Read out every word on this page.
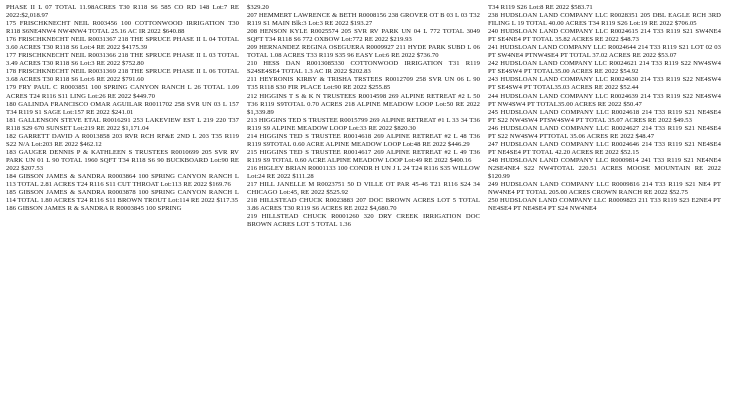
PHASE II L 07 TOTAL 11.98ACRES T30 R118 S6 585 CO RD 148 Lot:7 RE 2022:$2,018.97

175 FRISCHKNECHT NEIL R003456 100 COTTONWOOD IRRIGATION T30 R118 S6NE4NW4 NW4NW4 TOTAL 25.16 AC IR 2022 $640.88

176 FRISCHKNECHT NEIL R0031367 218 THE SPRUCE PHASE II L 04 TOTAL 3.60 ACRES T30 R118 S6 Lot:4 RE 2022 $4175.39

177 FRISCHKNECHT NEIL R0031366 218 THE SPRUCE PHASE II L 03 TOTAL 3.49 ACRES T30 R118 S6 Lot:3 RE 2022 $752.80

178 FRISCHKNECHT NEIL R0031369 218 THE SPRUCE PHASE II L 06 TOTAL 3.68 ACRES T30 R118 S6 Lot:6 RE 2022 $791.60

179 FRY PAUL C R0003851 100 SPRING CANYON RANCH L 26 TOTAL 1.09 ACRES T24 R116 S11 LING Lot:26 RE 2022 $449.70

180 GALINDA FRANCISCO OMAR AGUILAR R0011702 258 SVR UN 03 L 157 T34 R119 S1 SAGE Lot:157 RE 2022 $241.01

181 GALLENSON STEVE ETAL R0016291 253 LAKEVIEW EST L 219 220 T37 R118 S29 670 SUNSET Lot:219 RE 2022 $1,171.04

182 GARRETT DAVID A R0013858 203 RVR RCH RF&E 2ND L 203 T35 R119 S22 N/A Lot:203 RE 2022 $462.12

183 GAUGER DENNIS P & KATHLEEN S TRUSTEES R0010699 205 SVR RV PARK UN 01 L 90 TOTAL 1960 SQFT T34 R118 S6 90 BUCKBOARD Lot:90 RE 2022 $207.53

184 GIBSON JAMES & SANDRA R0003864 100 SPRING CANYON RANCH L 113 TOTAL 2.81 ACRES T24 R116 S11 CUT THROAT Lot:113 RE 2022 $169.76

185 GIBSON JAMES & SANDRA R0003878 100 SPRING CANYON RANCH L 114 TOTAL 1.80 ACRES T24 R116 S11 BROWN TROUT Lot:114 RE 2022 $117.35

186 GIBSON JAMES R & SANDRA R R0003845 100 SPRING

$329.20

207 HEMMERT LAWRENCE & BETH R0008156 238 GROVER OT B 03 L 03 T32 R119 S1 MAIN Blk:3 Lot:3 RE 2022 $193.27

208 HENSON KYLE R0025574 205 SVR RV PARK UN 04 L 772 TOTAL 3049 SQFT T34 R118 S6 772 OXBOW Lot:772 RE 2022 $219.93

209 HERNANDEZ REGINA OSEGUERA R0009927 211 HYDE PARK SUBD L 06 TOTAL 1.08 ACRES T33 R119 S35 96 EASY Lot:6 RE 2022 $736.70

210 HESS DAN R0013085330 COTTONWOOD IRRIGATION T31 R119 S24SE4SE4 TOTAL 1.3 AC IR 2022 $202.83

211 HEYRONIS KIRBY & TRISHA TRSTEES R0012709 258 SVR UN 06 L 90 T35 R118 S30 FIR PLACE Lot:90 RE 2022 $255.85

212 HIGGINS T S & K N TRUSTEES R0014598 269 ALPINE RETREAT #2 L 50 T36 R119 S9TOTAL 0.70 ACRES 218 ALPINE MEADOW LOOP Lot:50 RE 2022 $1,339.89

213 HIGGINS TED S TRUSTEE R0015799 269 ALPINE RETREAT #1 L 33 34 T36 R119 S9 ALPINE MEADOW LOOP Lot:33 RE 2022 $820.30

214 HIGGINS TED S TRUSTEE R0014618 269 ALPINE RETREAT #2 L 48 T36 R119 S9TOTAL 0.60 ACRE ALPINE MEADOW LOOP Lot:48 RE 2022 $446.29

215 HIGGINS TED S TRUSTEE R0014617 269 ALPINE RETREAT #2 L 49 T36 R119 S9 TOTAL 0.60 ACRE ALPINE MEADOW LOOP Lot:49 RE 2022 $400.16

216 HIGLEY BRIAN R0001133 100 CONDR H UN J L 24 T24 R116 S35 WILLOW Lot:24 RE 2022 $111.28

217 HILL JANELLE M R0023751 50 D VILLE OT PAR 45-46 T21 R116 S24 34 CHICAGO Lot:45, RE 2022 $525.92

218 HILLSTEAD CHUCK R0023883 207 DOC BROWN ACRES LOT 5 TOTAL 3.86 ACRES T30 R119 S6 ACRES RE 2022 $4,680.70

219 HILLSTEAD CHUCK R0001260 320 DRY CREEK IRRIGATION DOC BROWN ACRES LOT 5 TOTAL 1.36

T34 R119 S26 Lot:8 RE 2022 $583.71

238 HUDSLOAN LAND COMPANY LLC R0028351 205 DBL EAGLE RCH 3RD FILING L 19 TOTAL 40.00 ACRES T34 R119 S26 Lot:19 RE 2022 $706.05

240 HUDSLOAN LAND COMPANY LLC R0024615 214 T33 R119 S21 SW4NE4 PT SE4NE4 PT TOTAL 35.82 ACRES RE 2022 $48.73

241 HUDSLOAN LAND COMPANY LLC R0024644 214 T33 R119 S21 LOT 02 03 PT SW4NE4 PTNW4SE4 PT TOTAL 37.02 ACRES RE 2022 $53.07

242 HUDSLOAN LAND COMPANY LLC R0024621 214 T33 R119 S22 NW4SW4 PT SE4SW4 PT TOTAL35.00 ACRES RE 2022 $54.92

243 HUDSLOAN LAND COMPANY LLC R0024630 214 T33 R119 S22 NE4SW4 PT SE4SW4 PT TOTAL35.03 ACRES RE 2022 $52.44

244 HUDSLOAN LAND COMPANY LLC R0024639 214 T33 R119 S22 NE4SW4 PT NW4SW4 PT TOTAL35.00 ACRES RE 2022 $50.47

245 HUDSLOAN LAND COMPANY LLC R0024618 214 T33 R119 S21 NE4SE4 PT S22 NW4SW4 PTSW4SW4 PT TOTAL 35.07 ACRES RE 2022 $49.53

246 HUDSLOAN LAND COMPANY LLC R0024627 214 T33 R119 S21 NE4SE4 PT S22 NW4SW4 PTTOTAL 35.06 ACRES RE 2022 $48.47

247 HUDSLOAN LAND COMPANY LLC R0024646 214 T33 R119 S21 NE4SE4 PT NE4SE4 PT TOTAL 42.20 ACRES RE 2022 $52.15

248 HUDSLOAN LAND COMPANY LLC R0009814 241 T33 R119 S21 NE4NE4 N2SE4NE4 S22 NW4TOTAL 220.51 ACRES MOOSE MOUNTAIN RE 2022 $120.99

249 HUDSLOAN LAND COMPANY LLC R0009816 214 T33 R119 S21 NE4 PT NW4NE4 PT TOTAL 205.00 ACRES CROWN RANCH RE 2022 $52.75

250 HUDSLOAN LAND COMPANY LLC R0009823 211 T33 R119 S23 E2NE4 PT NE4SE4 PT NE4SE4 PT S24 NW4NE4
